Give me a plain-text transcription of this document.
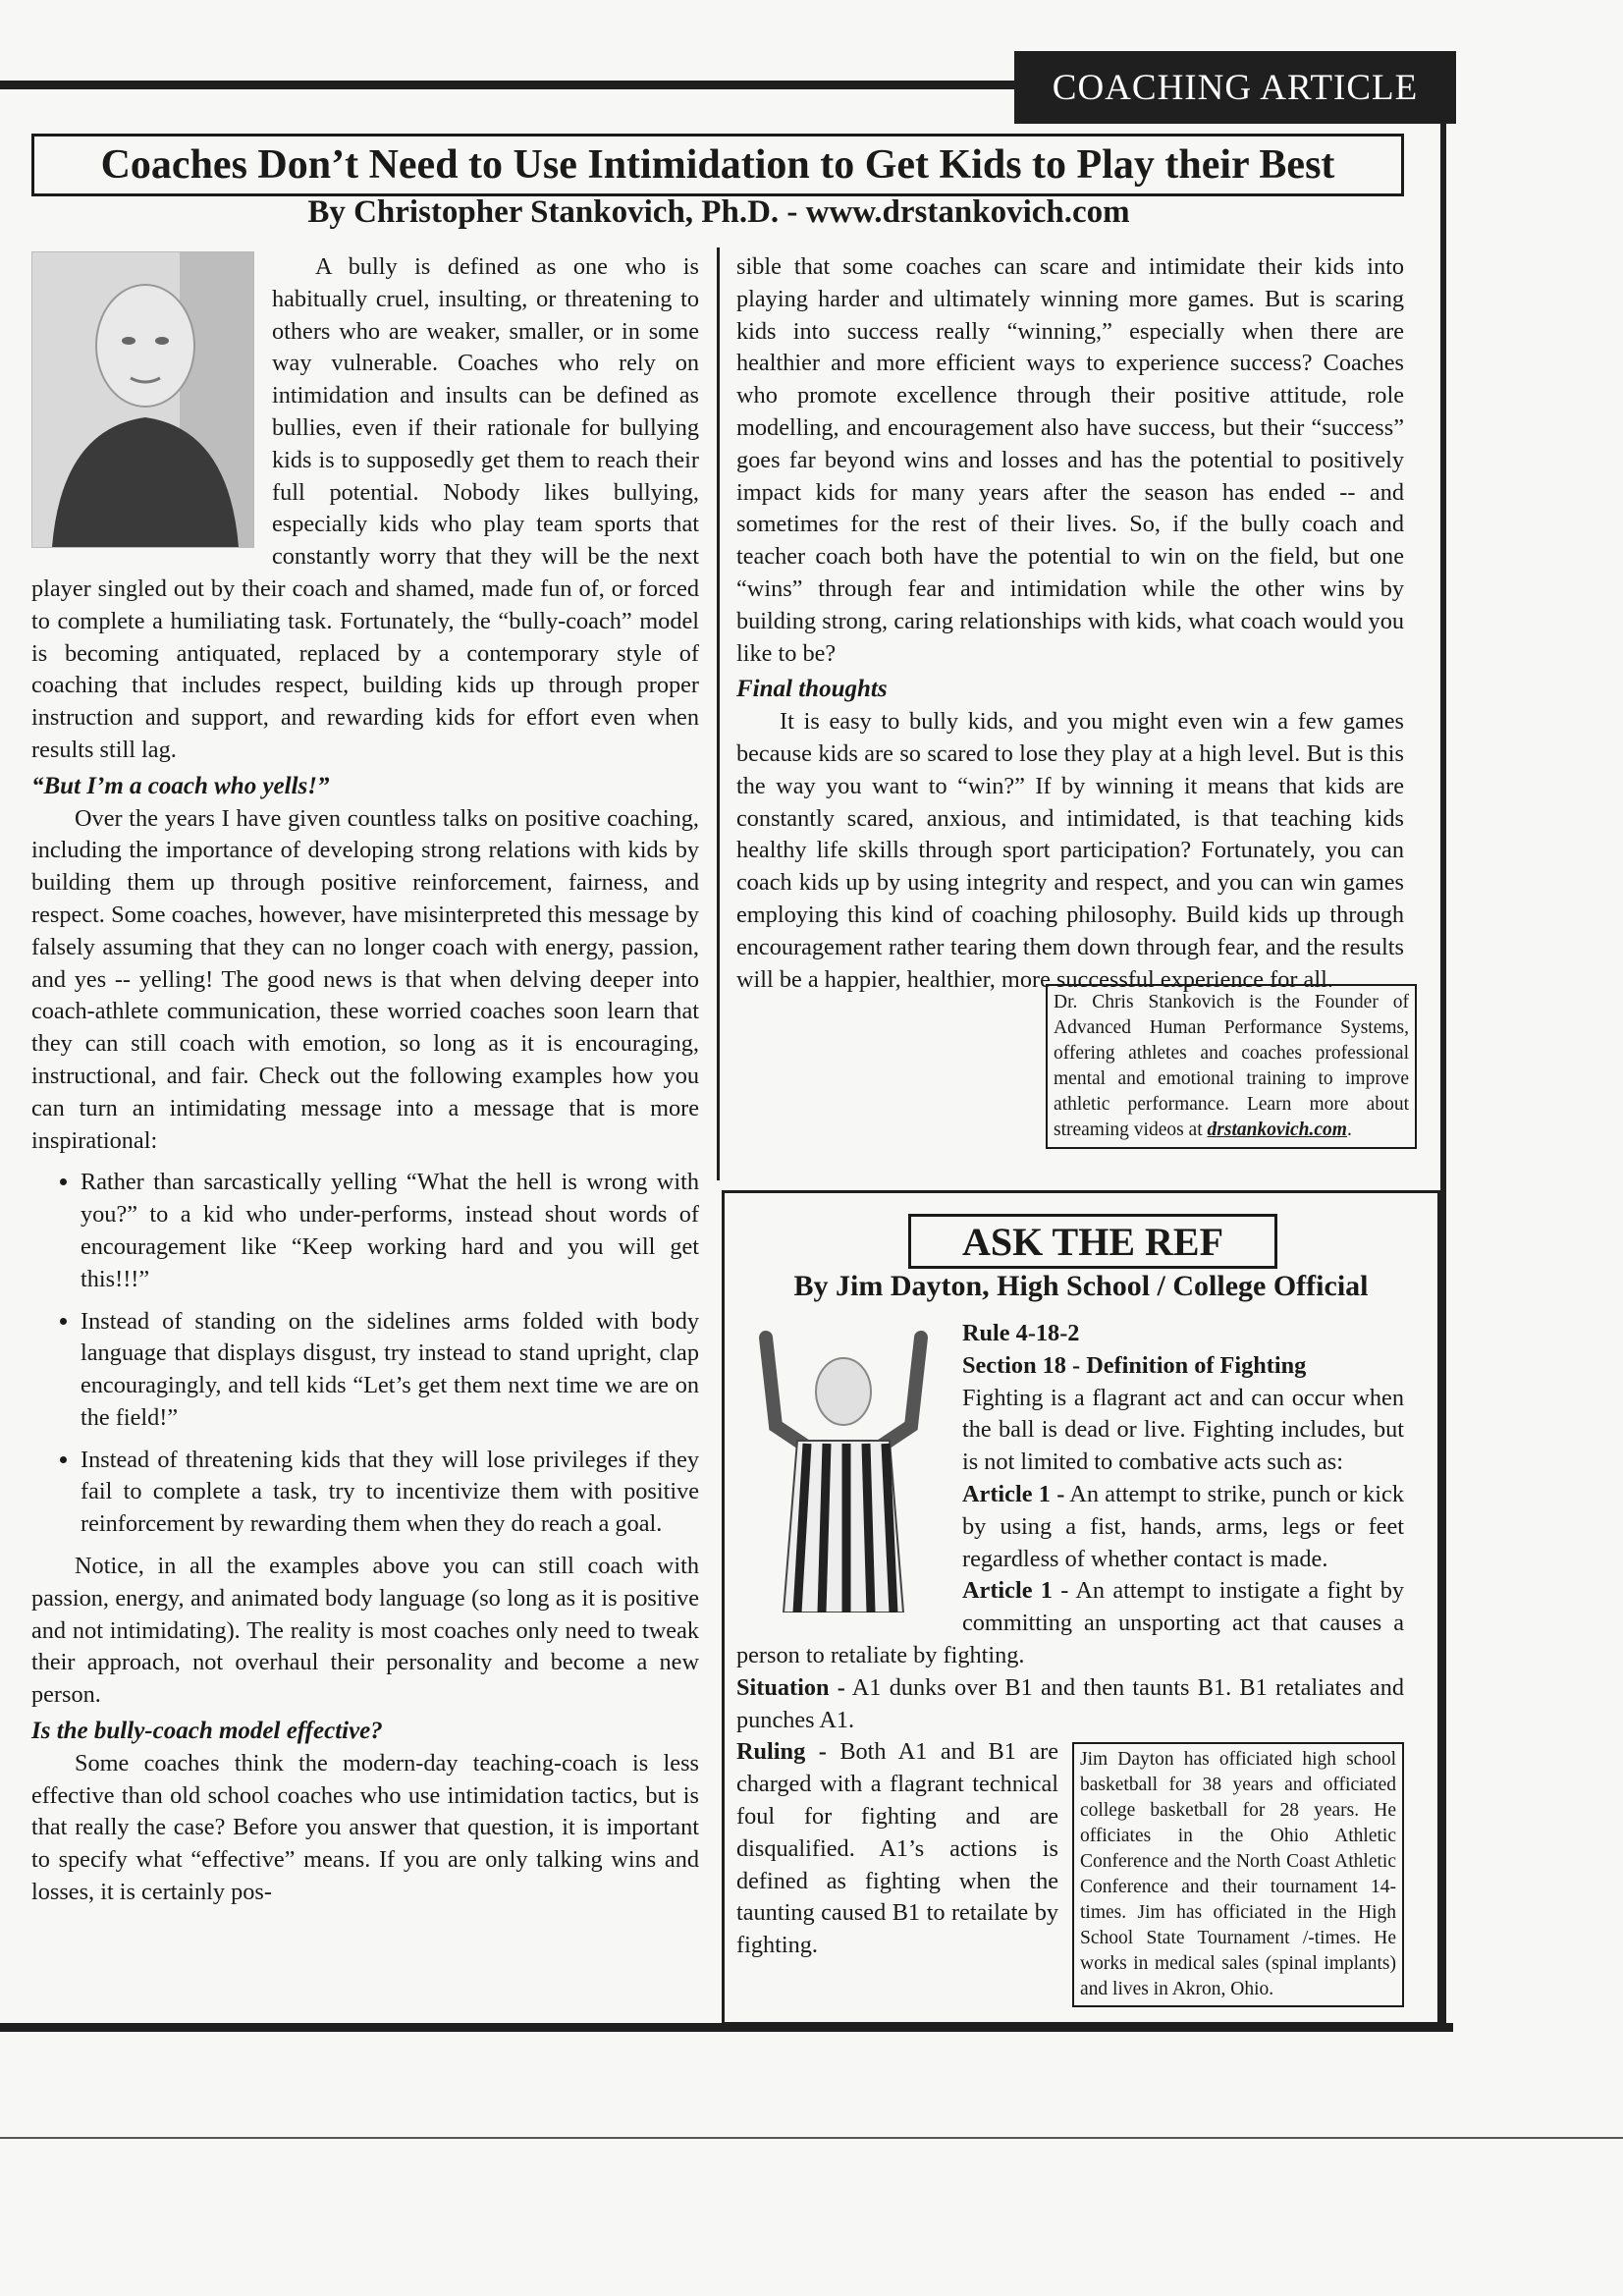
COACHING ARTICLE
Coaches Don’t Need to Use Intimidation to Get Kids to Play their Best
By Christopher Stankovich, Ph.D. - www.drstankovich.com

A bully is defined as one who is habitually cruel, insulting, or threatening to others who are weaker, smaller, or in some way vulnerable. Coaches who rely on intimidation and insults can be defined as bullies, even if their rationale for bullying kids is to supposedly get them to reach their full potential. Nobody likes bullying, especially kids who play team sports that constantly worry that they will be the next player singled out by their coach and shamed, made fun of, or forced to complete a humiliating task. Fortunately, the “bully-coach” model is becoming antiquated, replaced by a contemporary style of coaching that includes respect, building kids up through proper instruction and support, and rewarding kids for effort even when results still lag.

“But I’m a coach who yells!”

Over the years I have given countless talks on positive coaching, including the importance of developing strong relations with kids by building them up through positive reinforcement, fairness, and respect. Some coaches, however, have misinterpreted this message by falsely assuming that they can no longer coach with energy, passion, and yes -- yelling! The good news is that when delving deeper into coach-athlete communication, these worried coaches soon learn that they can still coach with emotion, so long as it is encouraging, instructional, and fair. Check out the following examples how you can turn an intimidating message into a message that is more inspirational:

• Rather than sarcastically yelling “What the hell is wrong with you?” to a kid who under-performs, instead shout words of encouragement like “Keep working hard and you will get this!!!”
• Instead of standing on the sidelines arms folded with body language that displays disgust, try instead to stand upright, clap encouragingly, and tell kids “Let’s get them next time we are on the field!”
• Instead of threatening kids that they will lose privileges if they fail to complete a task, try to incentivize them with positive reinforcement by rewarding them when they do reach a goal.

Notice, in all the examples above you can still coach with passion, energy, and animated body language (so long as it is positive and not intimidating). The reality is most coaches only need to tweak their approach, not overhaul their personality and become a new person.

Is the bully-coach model effective?

Some coaches think the modern-day teaching-coach is less effective than old school coaches who use intimidation tactics, but is that really the case? Before you answer that question, it is important to specify what “effective” means. If you are only talking wins and losses, it is certainly pos-

sible that some coaches can scare and intimidate their kids into playing harder and ultimately winning more games. But is scaring kids into success really “winning,” especially when there are healthier and more efficient ways to experience success? Coaches who promote excellence through their positive attitude, role modelling, and encouragement also have success, but their “success” goes far beyond wins and losses and has the potential to positively impact kids for many years after the season has ended -- and sometimes for the rest of their lives. So, if the bully coach and teacher coach both have the potential to win on the field, but one “wins” through fear and intimidation while the other wins by building strong, caring relationships with kids, what coach would you like to be?

Final thoughts

It is easy to bully kids, and you might even win a few games because kids are so scared to lose they play at a high level. But is this the way you want to “win?” If by winning it means that kids are constantly scared, anxious, and intimidated, is that teaching kids healthy life skills through sport participation? Fortunately, you can coach kids up by using integrity and respect, and you can win games employing this kind of coaching philosophy. Build kids up through encouragement rather tearing them down through fear, and the results will be a happier, healthier, more successful experience for all.

Dr. Chris Stankovich is the Founder of Advanced Human Performance Systems, offering athletes and coaches professional mental and emotional training to improve athletic performance. Learn more about streaming videos at drstankovich.com.
ASK THE REF
By Jim Dayton, High School / College Official

Rule 4-18-2

Section 18 - Definition of Fighting

Fighting is a flagrant act and can occur when the ball is dead or live. Fighting includes, but is not limited to combative acts such as:

Article 1 - An attempt to strike, punch or kick by using a fist, hands, arms, legs or feet regardless of whether contact is made.

Article 1 - An attempt to instigate a fight by committing an unsporting act that causes a person to retaliate by fighting.

Situation - A1 dunks over B1 and then taunts B1. B1 retaliates and punches A1.

Jim Dayton has officiated high school basketball for 38 years and officiated college basketball for 28 years. He officiates in the Ohio Athletic Conference and the North Coast Athletic Conference and their tournament 14-times. Jim has officiated in the High School State Tournament /-times. He works in medical sales (spinal implants) and lives in Akron, Ohio.

Ruling - Both A1 and B1 are charged with a flagrant technical foul for fighting and are disqualified. A1’s actions is defined as fighting when the taunting caused B1 to retailate by fighting.
